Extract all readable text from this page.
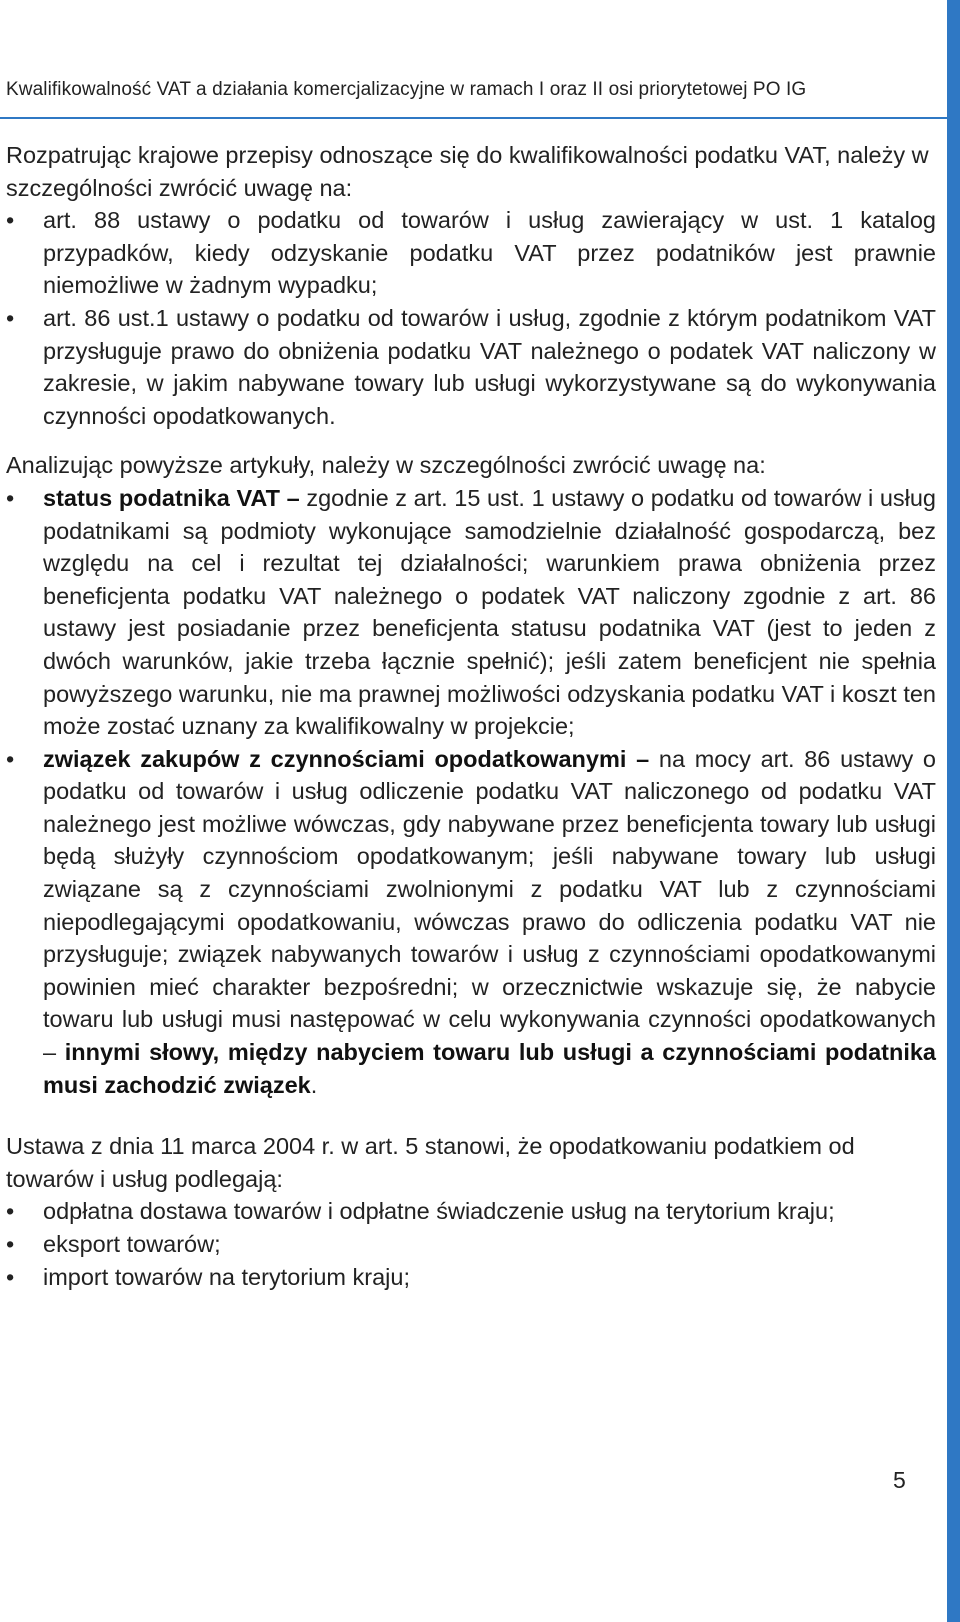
Kwalifikowalność VAT a działania komercjalizacyjne w ramach I oraz II osi priorytetowej PO IG

Rozpatrując krajowe przepisy odnoszące się do kwalifikowalności podatku VAT, należy w szczególności zwrócić uwagę na:

•	art. 88 ustawy o podatku od towarów i usług zawierający w ust. 1 katalog przypadków, kiedy odzyskanie podatku VAT przez podatników jest prawnie niemożliwe w żadnym wypadku;
•	art. 86 ust.1 ustawy o podatku od towarów i usług, zgodnie z którym podatnikom VAT przysługuje prawo do obniżenia podatku VAT należnego o podatek VAT naliczony w zakresie, w jakim nabywane towary lub usługi wykorzystywane są do wykonywania czynności opodatkowanych.

Analizując powyższe artykuły, należy w szczególności zwrócić uwagę na:

•	status podatnika VAT – zgodnie z art. 15 ust. 1 ustawy o podatku od towarów i usług podatnikami są podmioty wykonujące samodzielnie działalność gospodarczą, bez względu na cel i rezultat tej działalności; warunkiem prawa obniżenia przez beneficjenta podatku VAT należnego o podatek VAT naliczony zgodnie z art. 86 ustawy jest posiadanie przez beneficjenta statusu podatnika VAT (jest to jeden z dwóch warunków, jakie trzeba łącznie spełnić); jeśli zatem beneficjent nie spełnia powyższego warunku, nie ma prawnej możliwości odzyskania podatku VAT i koszt ten może zostać uznany za kwalifikowalny w projekcie;
•	związek zakupów z czynnościami opodatkowanymi – na mocy art. 86 ustawy o podatku od towarów i usług odliczenie podatku VAT naliczonego od podatku VAT należnego jest możliwe wówczas, gdy nabywane przez beneficjenta towary lub usługi będą służyły czynnościom opodatkowanym; jeśli nabywane towary lub usługi związane są z czynnościami zwolnionymi z podatku VAT lub z czynnościami niepodlegającymi opodatkowaniu, wówczas prawo do odliczenia podatku VAT nie przysługuje; związek nabywanych towarów i usług z czynnościami opodatkowanymi powinien mieć charakter bezpośredni; w orzecznictwie wskazuje się, że nabycie towaru lub usługi musi następować w celu wykonywania czynności opodatkowanych – innymi słowy, między nabyciem towaru lub usługi a czynnościami podatnika musi zachodzić związek.

Ustawa z dnia 11 marca 2004 r. w art. 5 stanowi, że opodatkowaniu podatkiem od towarów i usług podlegają:

•	odpłatna dostawa towarów i odpłatne świadczenie usług na terytorium kraju;
•	eksport towarów;
•	import towarów na terytorium kraju;
5
